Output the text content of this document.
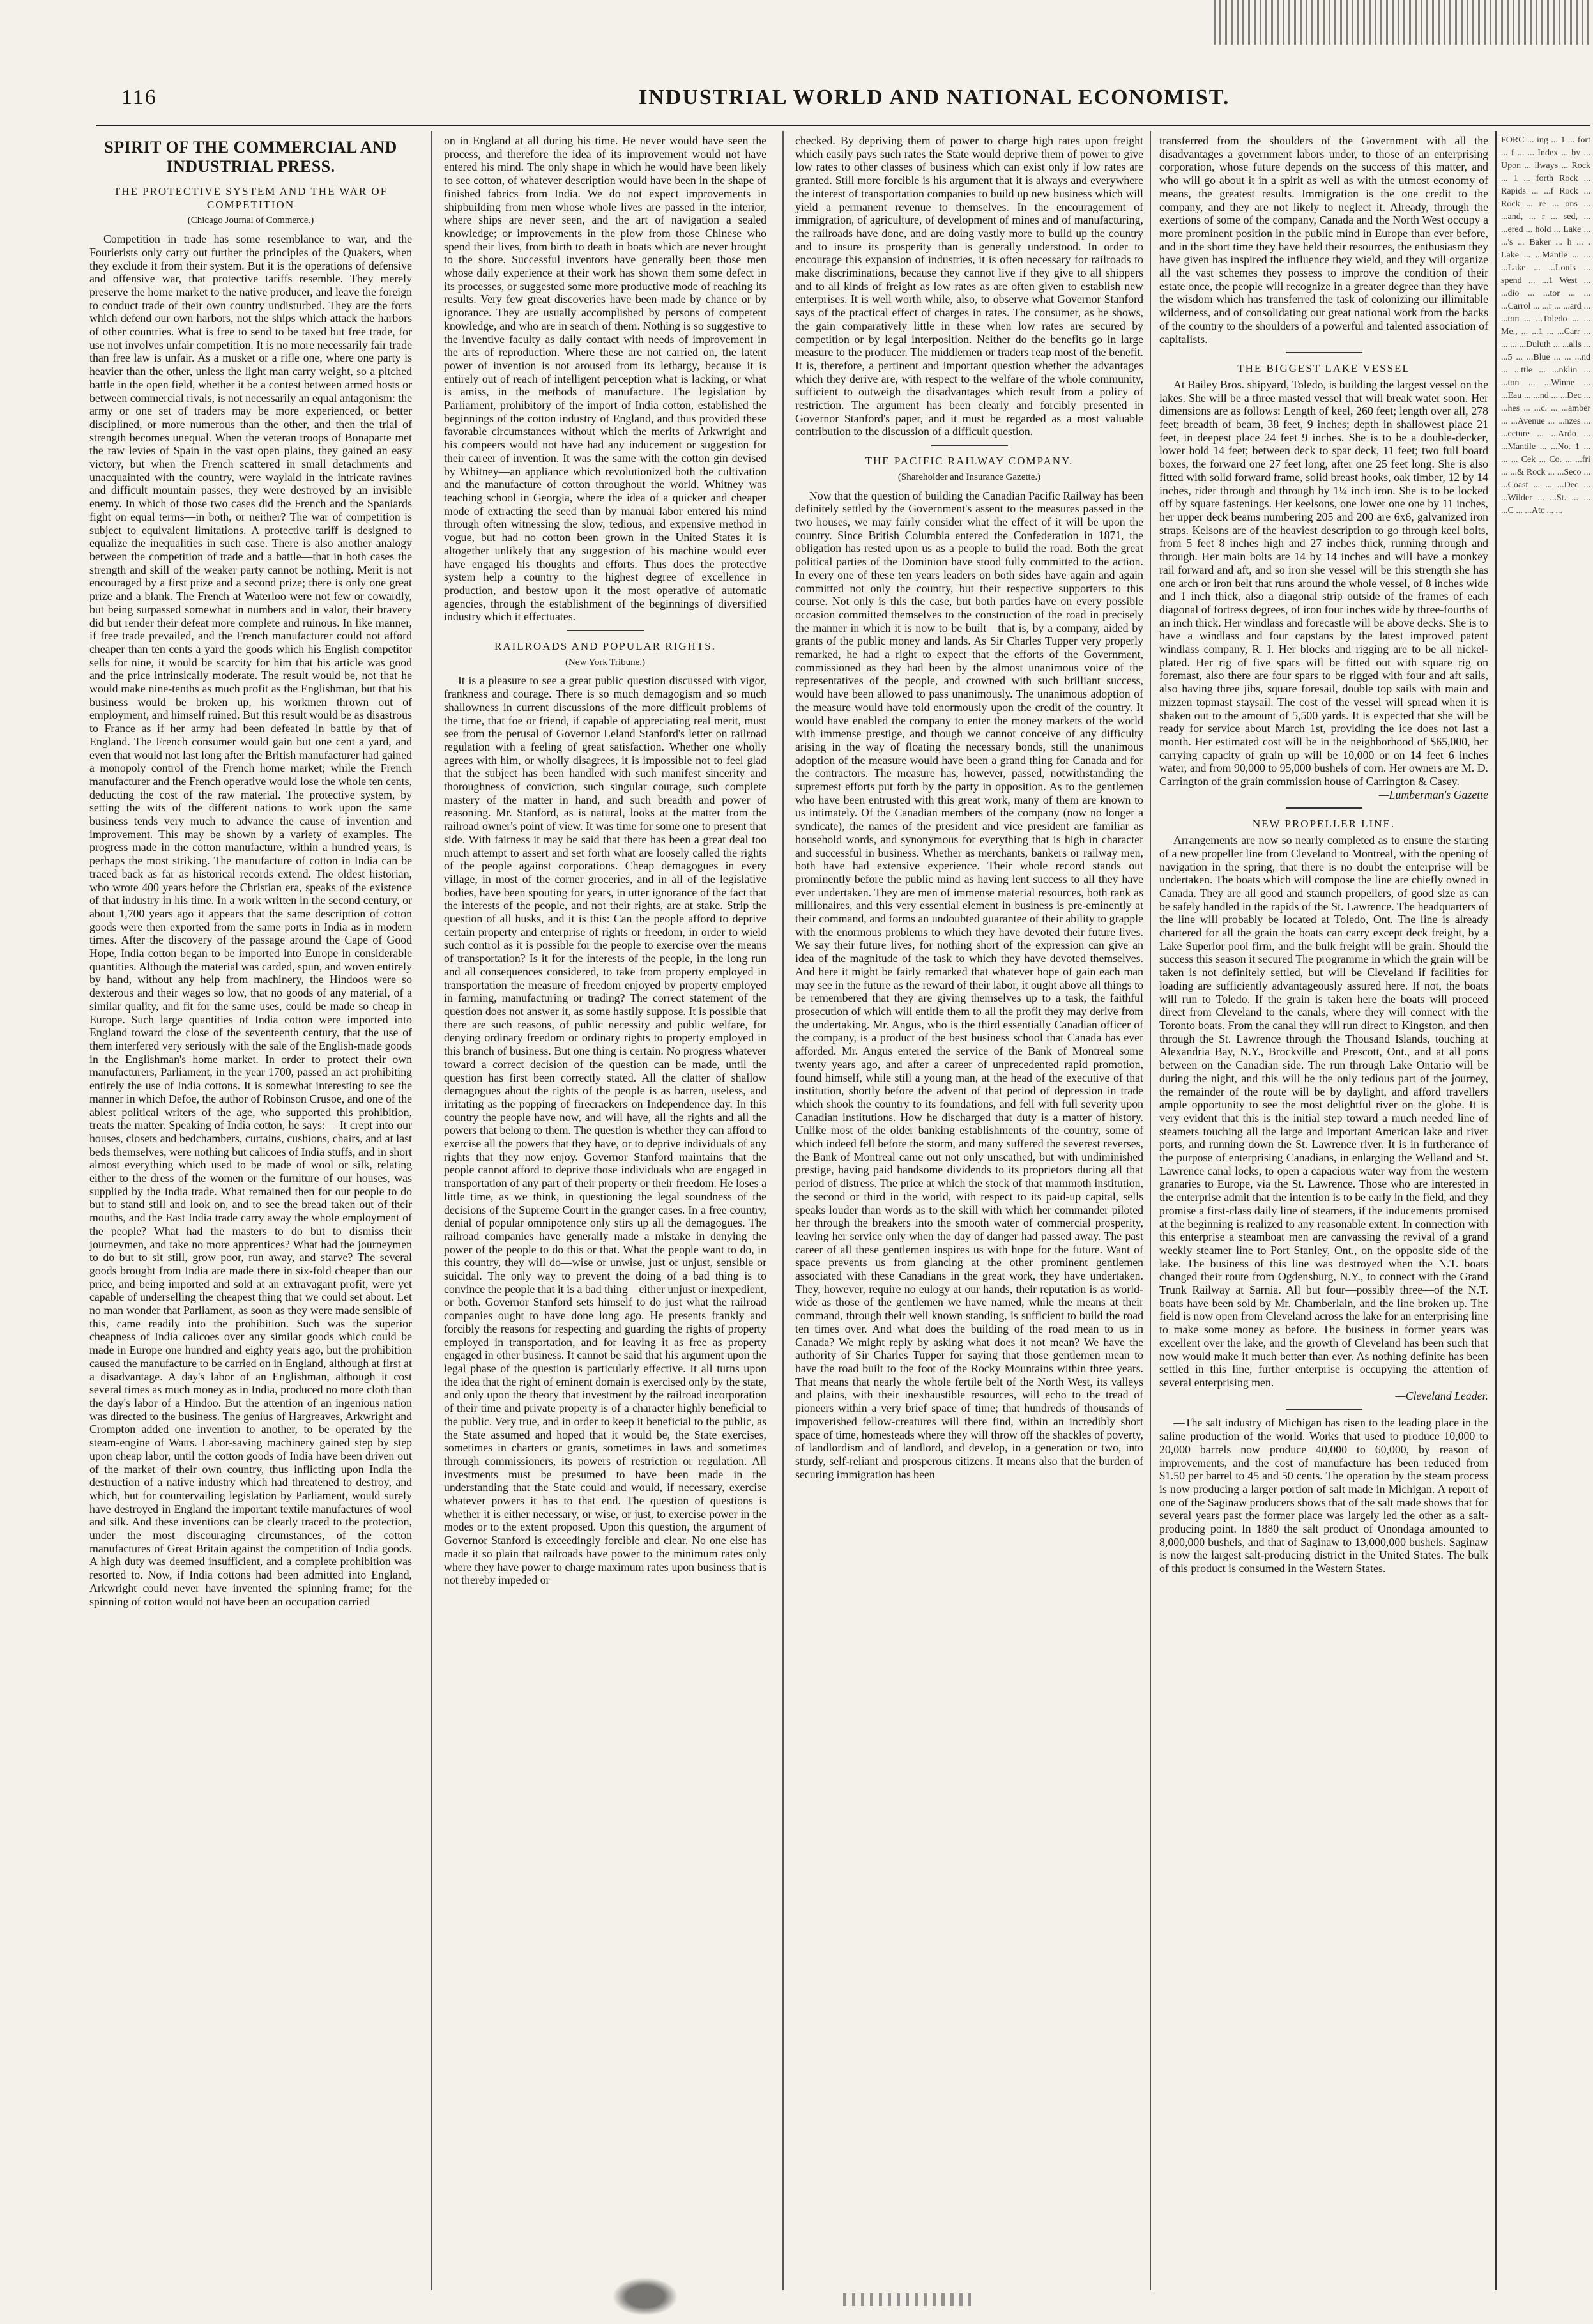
116	INDUSTRIAL WORLD AND NATIONAL ECONOMIST.
SPIRIT OF THE COMMERCIAL AND INDUSTRIAL PRESS.
THE PROTECTIVE SYSTEM AND THE WAR OF COMPETITION
(Chicago Journal of Commerce.)

Competition in trade has some resemblance to war, and the Fourierists only carry out further the principles of the Quakers, when they exclude it from their system. But it is the operations of defensive and offensive war, that protective tariffs resemble. They merely preserve the home market to the native producer, and leave the foreign to conduct trade of their own country undisturbed. They are the forts which defend our own harbors, not the ships which attack the harbors of other countries. What is free to send to be taxed but free trade, for use not involves unfair competition. It is no more necessarily fair trade than free law is unfair. As a musket or a rifle one, where one party is heavier than the other, unless the light man carry weight, so a pitched battle in the open field, whether it be a contest between armed hosts or between commercial rivals, is not necessarily an equal antagonism: the army or one set of traders may be more experienced, or better disciplined, or more numerous than the other, and then the trial of strength becomes unequal. When the veteran troops of Bonaparte met the raw levies of Spain in the vast open plains, they gained an easy victory, but when the French scattered in small detachments and unacquainted with the country, were waylaid in the intricate ravines and difficult mountain passes, they were destroyed by an invisible enemy. In which of those two cases did the French and the Spaniards fight on equal terms—in both, or neither? The war of competition is subject to equivalent limitations. A protective tariff is designed to equalize the inequalities in such case. There is also another analogy between the competition of trade and a battle—that in both cases the strength and skill of the weaker party cannot be nothing. Merit is not encouraged by a first prize and a second prize; there is only one great prize and a blank. The French at Waterloo were not few or cowardly, but being surpassed somewhat in numbers and in valor, their bravery did but render their defeat more complete and ruinous. In like manner, if free trade prevailed, and the French manufacturer could not afford cheaper than ten cents a yard the goods which his English competitor sells for nine, it would be scarcity for him that his article was good and the price intrinsically moderate. The result would be, not that he would make nine-tenths as much profit as the Englishman, but that his business would be broken up, his workmen thrown out of employment, and himself ruined. But this result would be as disastrous to France as if her army had been defeated in battle by that of England. The French consumer would gain but one cent a yard, and even that would not last long after the British manufacturer had gained a monopoly control of the French home market; while the French manufacturer and the French operative would lose the whole ten cents, deducting the cost of the raw material. The protective system, by setting the wits of the different nations to work upon the same business tends very much to advance the cause of invention and improvement. This may be shown by a variety of examples. The progress made in the cotton manufacture, within a hundred years, is perhaps the most striking. The manufacture of cotton in India can be traced back as far as historical records extend. The oldest historian, who wrote 400 years before the Christian era, speaks of the existence of that industry in his time. In a work written in the second century, or about 1,700 years ago it appears that the same description of cotton goods were then exported from the same ports in India as in modern times. After the discovery of the passage around the Cape of Good Hope, India cotton began to be imported into Europe in considerable quantities. Although the material was carded, spun, and woven entirely by hand, without any help from machinery, the Hindoos were so dexterous and their wages so low, that no goods of any material, of a similar quality, and fit for the same uses, could be made so cheap in Europe. Such large quantities of India cotton were imported into England toward the close of the seventeenth century, that the use of them interfered very seriously with the sale of the English-made goods in the Englishman's home market. In order to protect their own manufacturers, Parliament, in the year 1700, passed an act prohibiting entirely the use of India cottons. It is somewhat interesting to see the manner in which Defoe, the author of Robinson Crusoe, and one of the ablest political writers of the age, who supported this prohibition, treats the matter. Speaking of India cotton, he says:— It crept into our houses, closets and bedchambers, curtains, cushions, chairs, and at last beds themselves, were nothing but calicoes of India stuffs, and in short almost everything which used to be made of wool or silk, relating either to the dress of the women or the furniture of our houses, was supplied by the India trade. What remained then for our people to do but to stand still and look on, and to see the bread taken out of their mouths, and the East India trade carry away the whole employment of the people? What had the masters to do but to dismiss their journeymen, and take no more apprentices? What had the journeymen to do but to sit still, grow poor, run away, and starve? The several goods brought from India are made there in six-fold cheaper than our price, and being imported and sold at an extravagant profit, were yet capable of underselling the cheapest thing that we could set about. Let no man wonder that Parliament, as soon as they were made sensible of this, came readily into the prohibition. Such was the superior cheapness of India calicoes over any similar goods which could be made in Europe one hundred and eighty years ago, but the prohibition caused the manufacture to be carried on in England, although at first at a disadvantage. A day's labor of an Englishman, although it cost several times as much money as in India, produced no more cloth than the day's labor of a Hindoo. But the attention of an ingenious nation was directed to the business. The genius of Hargreaves, Arkwright and Crompton added one invention to another, to be operated by the steam-engine of Watts. Labor-saving machinery gained step by step upon cheap labor, until the cotton goods of India have been driven out of the market of their own country, thus inflicting upon India the destruction of a native industry which had threatened to destroy, and which, but for countervailing legislation by Parliament, would surely have destroyed in England the important textile manufactures of wool and silk. And these inventions can be clearly traced to the protection, under the most discouraging circumstances, of the cotton manufactures of Great Britain against the competition of India goods. A high duty was deemed insufficient, and a complete prohibition was resorted to. Now, if India cottons had been admitted into England, Arkwright could never have invented the spinning frame; for the spinning of cotton would not have been an occupation carried

on in England at all during his time. He never would have seen the process, and therefore the idea of its improvement would not have entered his mind. The only shape in which he would have been likely to see cotton, of whatever description would have been in the shape of finished fabrics from India. We do not expect improvements in shipbuilding from men whose whole lives are passed in the interior, where ships are never seen, and the art of navigation a sealed knowledge; or improvements in the plow from those Chinese who spend their lives, from birth to death in boats which are never brought to the shore. Successful inventors have generally been those men whose daily experience at their work has shown them some defect in its processes, or suggested some more productive mode of reaching its results. Very few great discoveries have been made by chance or by ignorance. They are usually accomplished by persons of competent knowledge, and who are in search of them. Nothing is so suggestive to the inventive faculty as daily contact with needs of improvement in the arts of reproduction. Where these are not carried on, the latent power of invention is not aroused from its lethargy, because it is entirely out of reach of intelligent perception what is lacking, or what is amiss, in the methods of manufacture. The legislation by Parliament, prohibitory of the import of India cotton, established the beginnings of the cotton industry of England, and thus provided these favorable circumstances without which the merits of Arkwright and his compeers would not have had any inducement or suggestion for their career of invention. It was the same with the cotton gin devised by Whitney—an appliance which revolutionized both the cultivation and the manufacture of cotton throughout the world. Whitney was teaching school in Georgia, where the idea of a quicker and cheaper mode of extracting the seed than by manual labor entered his mind through often witnessing the slow, tedious, and expensive method in vogue, but had no cotton been grown in the United States it is altogether unlikely that any suggestion of his machine would ever have engaged his thoughts and efforts. Thus does the protective system help a country to the highest degree of excellence in production, and bestow upon it the most operative of automatic agencies, through the establishment of the beginnings of diversified industry which it effectuates.

RAILROADS AND POPULAR RIGHTS.
(New York Tribune.)

It is a pleasure to see a great public question discussed with vigor, frankness and courage. There is so much demagogism and so much shallowness in current discussions of the more difficult problems of the time, that foe or friend, if capable of appreciating real merit, must see from the perusal of Governor Leland Stanford's letter on railroad regulation with a feeling of great satisfaction. Whether one wholly agrees with him, or wholly disagrees, it is impossible not to feel glad that the subject has been handled with such manifest sincerity and thoroughness of conviction, such singular courage, such complete mastery of the matter in hand, and such breadth and power of reasoning. Mr. Stanford, as is natural, looks at the matter from the railroad owner's point of view. It was time for some one to present that side. With fairness it may be said that there has been a great deal too much attempt to assert and set forth what are loosely called the rights of the people against corporations. Cheap demagogues in every village, in most of the corner groceries, and in all of the legislative bodies, have been spouting for years, in utter ignorance of the fact that the interests of the people, and not their rights, are at stake. Strip the question of all husks, and it is this: Can the people afford to deprive certain property and enterprise of rights or freedom, in order to wield such control as it is possible for the people to exercise over the means of transportation? Is it for the interests of the people, in the long run and all consequences considered, to take from property employed in transportation the measure of freedom enjoyed by property employed in farming, manufacturing or trading? The correct statement of the question does not answer it, as some hastily suppose. It is possible that there are such reasons, of public necessity and public welfare, for denying ordinary freedom or ordinary rights to property employed in this branch of business. But one thing is certain. No progress whatever toward a correct decision of the question can be made, until the question has first been correctly stated. All the clatter of shallow demagogues about the rights of the people is as barren, useless, and irritating as the popping of firecrackers on Independence day. In this country the people have now, and will have, all the rights and all the powers that belong to them. The question is whether they can afford to exercise all the powers that they have, or to deprive individuals of any rights that they now enjoy. Governor Stanford maintains that the people cannot afford to deprive those individuals who are engaged in transportation of any part of their property or their freedom. He loses a little time, as we think, in questioning the legal soundness of the decisions of the Supreme Court in the granger cases. In a free country, denial of popular omnipotence only stirs up all the demagogues. The railroad companies have generally made a mistake in denying the power of the people to do this or that. What the people want to do, in this country, they will do—wise or unwise, just or unjust, sensible or suicidal. The only way to prevent the doing of a bad thing is to convince the people that it is a bad thing—either unjust or inexpedient, or both. Governor Stanford sets himself to do just what the railroad companies ought to have done long ago. He presents frankly and forcibly the reasons for respecting and guarding the rights of property employed in transportation, and for leaving it as free as property engaged in other business. It cannot be said that his argument upon the legal phase of the question is particularly effective. It all turns upon the idea that the right of eminent domain is exercised only by the state, and only upon the theory that investment by the railroad incorporation of their time and private property is of a character highly beneficial to the public. Very true, and in order to keep it beneficial to the public, as the State assumed and hoped that it would be, the State exercises, sometimes in charters or grants, sometimes in laws and sometimes through commissioners, its powers of restriction or regulation. All investments must be presumed to have been made in the understanding that the State could and would, if necessary, exercise whatever powers it has to that end. The question of questions is whether it is either necessary, or wise, or just, to exercise power in the modes or to the extent proposed. Upon this question, the argument of Governor Stanford is exceedingly forcible and clear. No one else has made it so plain that railroads have power to the minimum rates only where they have power to charge maximum rates upon business that is not thereby impeded or

checked. By depriving them of power to charge high rates upon freight which easily pays such rates the State would deprive them of power to give low rates to other classes of business which can exist only if low rates are granted. Still more forcible is his argument that it is always and everywhere the interest of transportation companies to build up new business which will yield a permanent revenue to themselves. In the encouragement of immigration, of agriculture, of development of mines and of manufacturing, the railroads have done, and are doing vastly more to build up the country and to insure its prosperity than is generally understood. In order to encourage this expansion of industries, it is often necessary for railroads to make discriminations, because they cannot live if they give to all shippers and to all kinds of freight as low rates as are often given to establish new enterprises. It is well worth while, also, to observe what Governor Stanford says of the practical effect of charges in rates. The consumer, as he shows, the gain comparatively little in these when low rates are secured by competition or by legal interposition. Neither do the benefits go in large measure to the producer. The middlemen or traders reap most of the benefit. It is, therefore, a pertinent and important question whether the advantages which they derive are, with respect to the welfare of the whole community, sufficient to outweigh the disadvantages which result from a policy of restriction. The argument has been clearly and forcibly presented in Governor Stanford's paper, and it must be regarded as a most valuable contribution to the discussion of a difficult question.

THE PACIFIC RAILWAY COMPANY.
(Shareholder and Insurance Gazette.)

Now that the question of building the Canadian Pacific Railway has been definitely settled by the Government's assent to the measures passed in the two houses, we may fairly consider what the effect of it will be upon the country. Since British Columbia entered the Confederation in 1871, the obligation has rested upon us as a people to build the road. Both the great political parties of the Dominion have stood fully committed to the action. In every one of these ten years leaders on both sides have again and again committed not only the country, but their respective supporters to this course. Not only is this the case, but both parties have on every possible occasion committed themselves to the construction of the road in precisely the manner in which it is now to be built—that is, by a company, aided by grants of the public money and lands. As Sir Charles Tupper very properly remarked, he had a right to expect that the efforts of the Government, commissioned as they had been by the almost unanimous voice of the representatives of the people, and crowned with such brilliant success, would have been allowed to pass unanimously. The unanimous adoption of the measure would have told enormously upon the credit of the country. It would have enabled the company to enter the money markets of the world with immense prestige, and though we cannot conceive of any difficulty arising in the way of floating the necessary bonds, still the unanimous adoption of the measure would have been a grand thing for Canada and for the contractors. The measure has, however, passed, notwithstanding the supremest efforts put forth by the party in opposition. As to the gentlemen who have been entrusted with this great work, many of them are known to us intimately. Of the Canadian members of the company (now no longer a syndicate), the names of the president and vice president are familiar as household words, and synonymous for everything that is high in character and successful in business. Whether as merchants, bankers or railway men, both have had extensive experience. Their whole record stands out prominently before the public mind as having lent success to all they have ever undertaken. They are men of immense material resources, both rank as millionaires, and this very essential element in business is pre-eminently at their command, and forms an undoubted guarantee of their ability to grapple with the enormous problems to which they have devoted their future lives. We say their future lives, for nothing short of the expression can give an idea of the magnitude of the task to which they have devoted themselves. And here it might be fairly remarked that whatever hope of gain each man may see in the future as the reward of their labor, it ought above all things to be remembered that they are giving themselves up to a task, the faithful prosecution of which will entitle them to all the profit they may derive from the undertaking. Mr. Angus, who is the third essentially Canadian officer of the company, is a product of the best business school that Canada has ever afforded. Mr. Angus entered the service of the Bank of Montreal some twenty years ago, and after a career of unprecedented rapid promotion, found himself, while still a young man, at the head of the executive of that institution, shortly before the advent of that period of depression in trade which shook the country to its foundations, and fell with full severity upon Canadian institutions. How he discharged that duty is a matter of history. Unlike most of the older banking establishments of the country, some of which indeed fell before the storm, and many suffered the severest reverses, the Bank of Montreal came out not only unscathed, but with undiminished prestige, having paid handsome dividends to its proprietors during all that period of distress. The price at which the stock of that mammoth institution, the second or third in the world, with respect to its paid-up capital, sells speaks louder than words as to the skill with which her commander piloted her through the breakers into the smooth water of commercial prosperity, leaving her service only when the day of danger had passed away. The past career of all these gentlemen inspires us with hope for the future. Want of space prevents us from glancing at the other prominent gentlemen associated with these Canadians in the great work, they have undertaken. They, however, require no eulogy at our hands, their reputation is as world-wide as those of the gentlemen we have named, while the means at their command, through their well known standing, is sufficient to build the road ten times over. And what does the building of the road mean to us in Canada? We might reply by asking what does it not mean? We have the authority of Sir Charles Tupper for saying that those gentlemen mean to have the road built to the foot of the Rocky Mountains within three years. That means that nearly the whole fertile belt of the North West, its valleys and plains, with their inexhaustible resources, will echo to the tread of pioneers within a very brief space of time; that hundreds of thousands of impoverished fellow-creatures will there find, within an incredibly short space of time, homesteads where they will throw off the shackles of poverty, of landlordism and of landlord, and develop, in a generation or two, into sturdy, self-reliant and prosperous citizens. It means also that the burden of securing immigration has been

transferred from the shoulders of the Government with all the disadvantages a government labors under, to those of an enterprising corporation, whose future depends on the success of this matter, and who will go about it in a spirit as well as with the utmost economy of means, the greatest results. Immigration is the one credit to the company, and they are not likely to neglect it. Already, through the exertions of some of the company, Canada and the North West occupy a more prominent position in the public mind in Europe than ever before, and in the short time they have held their resources, the enthusiasm they have given has inspired the influence they wield, and they will organize all the vast schemes they possess to improve the condition of their estate once, the people will recognize in a greater degree than they have the wisdom which has transferred the task of colonizing our illimitable wilderness, and of consolidating our great national work from the backs of the country to the shoulders of a powerful and talented association of capitalists.

THE BIGGEST LAKE VESSEL

At Bailey Bros. shipyard, Toledo, is building the largest vessel on the lakes. She will be a three masted vessel that will break water soon. Her dimensions are as follows: Length of keel, 260 feet; length over all, 278 feet; breadth of beam, 38 feet, 9 inches; depth in shallowest place 21 feet, in deepest place 24 feet 9 inches. She is to be a double-decker, lower hold 14 feet; between deck to spar deck, 11 feet; two full board boxes, the forward one 27 feet long, after one 25 feet long. She is also fitted with solid forward frame, solid breast hooks, oak timber, 12 by 14 inches, rider through and through by 1¼ inch iron. She is to be locked off by square fastenings. Her keelsons, one lower one one by 11 inches, her upper deck beams numbering 205 and 200 are 6x6, galvanized iron straps. Kelsons are of the heaviest description to go through keel bolts, from 5 feet 8 inches high and 27 inches thick, running through and through. Her main bolts are 14 by 14 inches and will have a monkey rail forward and aft, and so iron she vessel will be this strength she has one arch or iron belt that runs around the whole vessel, of 8 inches wide and 1 inch thick, also a diagonal strip outside of the frames of each diagonal of fortress degrees, of iron four inches wide by three-fourths of an inch thick. Her windlass and forecastle will be above decks. She is to have a windlass and four capstans by the latest improved patent windlass company, R. I. Her blocks and rigging are to be all nickel-plated. Her rig of five spars will be fitted out with square rig on foremast, also there are four spars to be rigged with four and aft sails, also having three jibs, square foresail, double top sails with main and mizzen topmast staysail. The cost of the vessel will spread when it is shaken out to the amount of 5,500 yards. It is expected that she will be ready for service about March 1st, providing the ice does not last a month. Her estimated cost will be in the neighborhood of $65,000, her carrying capacity of grain up will be 10,000 or on 14 feet 6 inches water, and from 90,000 to 95,000 bushels of corn. Her owners are M. D. Carrington of the grain commission house of Carrington & Casey.

—Lumberman's Gazette
NEW PROPELLER LINE.

Arrangements are now so nearly completed as to ensure the starting of a new propeller line from Cleveland to Montreal, with the opening of navigation in the spring, that there is no doubt the enterprise will be undertaken. The boats which will compose the line are chiefly owned in Canada. They are all good and staunch propellers, of good size as can be safely handled in the rapids of the St. Lawrence. The headquarters of the line will probably be located at Toledo, Ont. The line is already chartered for all the grain the boats can carry except deck freight, by a Lake Superior pool firm, and the bulk freight will be grain. Should the success this season it secured The programme in which the grain will be taken is not definitely settled, but will be Cleveland if facilities for loading are sufficiently advantageously assured here. If not, the boats will run to Toledo. If the grain is taken here the boats will proceed direct from Cleveland to the canals, where they will connect with the Toronto boats. From the canal they will run direct to Kingston, and then through the St. Lawrence through the Thousand Islands, touching at Alexandria Bay, N.Y., Brockville and Prescott, Ont., and at all ports between on the Canadian side. The run through Lake Ontario will be during the night, and this will be the only tedious part of the journey, the remainder of the route will be by daylight, and afford travellers ample opportunity to see the most delightful river on the globe. It is very evident that this is the initial step toward a much needed line of steamers touching all the large and important American lake and river ports, and running down the St. Lawrence river. It is in furtherance of the purpose of enterprising Canadians, in enlarging the Welland and St. Lawrence canal locks, to open a capacious water way from the western granaries to Europe, via the St. Lawrence. Those who are interested in the enterprise admit that the intention is to be early in the field, and they promise a first-class daily line of steamers, if the inducements promised at the beginning is realized to any reasonable extent. In connection with this enterprise a steamboat men are canvassing the revival of a grand weekly steamer line to Port Stanley, Ont., on the opposite side of the lake. The business of this line was destroyed when the N.T. boats changed their route from Ogdensburg, N.Y., to connect with the Grand Trunk Railway at Sarnia. All but four—possibly three—of the N.T. boats have been sold by Mr. Chamberlain, and the line broken up. The field is now open from Cleveland across the lake for an enterprising line to make some money as before. The business in former years was excellent over the lake, and the growth of Cleveland has been such that now would make it much better than ever. As nothing definite has been settled in this line, further enterprise is occupying the attention of several enterprising men.

—Cleveland Leader.

—The salt industry of Michigan has risen to the leading place in the saline production of the world. Works that used to produce 10,000 to 20,000 barrels now produce 40,000 to 60,000, by reason of improvements, and the cost of manufacture has been reduced from $1.50 per barrel to 45 and 50 cents. The operation by the steam process is now producing a larger portion of salt made in Michigan. A report of one of the Saginaw producers shows that of the salt made shows that for several years past the former place was largely led the other as a salt-producing point. In 1880 the salt product of Onondaga amounted to 8,000,000 bushels, and that of Saginaw to 13,000,000 bushels. Saginaw is now the largest salt-producing district in the United States. The bulk of this product is consumed in the Western States.

FORC ... ing ... 1 ... fort ... f ... ... Index ... by ... Upon ... ilways ... Rock ... 1 ... forth Rock ... Rapids ... ...f Rock ... Rock ... re ... ons ... ...and, ... r ... sed, ... ...ered ... hold ... Lake ... ...'s ... Baker ... h ... . Lake ... ...Mantle ... ... ...Lake ... ...Louis ... spend ... ...1 West ... ...dio ... ...tor ... ... ...Carrol ... ...r ... ...ard ... ...ton ... ...Toledo ... ... Me., ... ...1 ... ...Carr ... ... ... ...Duluth ... ...alls ... ...5 ... ...Blue ... ... ...nd ... ...ttle ... ...nklin ... ...ton ... ...Winne ... ...Eau ... ...nd ... ...Dec ... ...hes ... ...c. ... ...amber ... ...Avenue ... ...nzes ... ...ecture ... ...Ardo ... ...Mantile ... ...No. 1 ... ... ... Cek ... Co. ... ...fri ... ...& Rock ... ...Seco ... ...Coast ... ... ...Dec ... ...Wilder ... ...St. ... ... ...C ... ...Atc ... ...
